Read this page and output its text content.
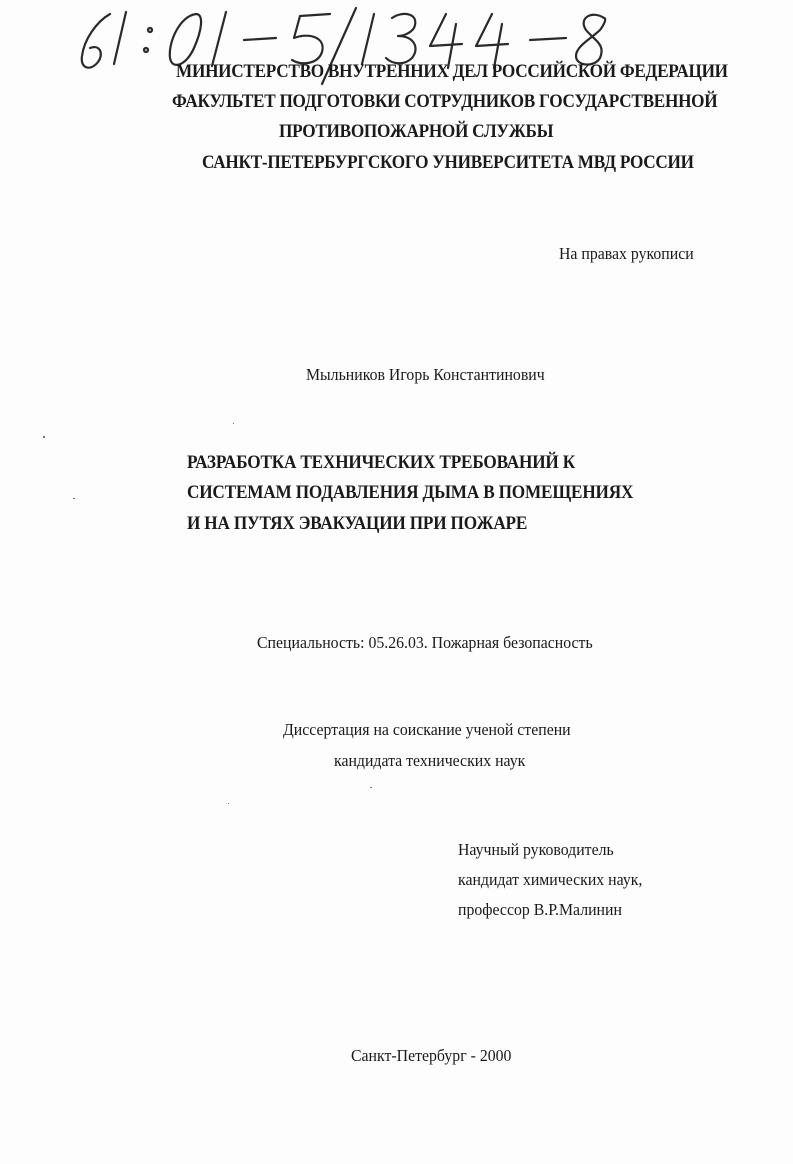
МИНИСТЕРСТВО ВНУТРЕННИХ ДЕЛ РОССИЙСКОЙ ФЕДЕРАЦИИ
ФАКУЛЬТЕТ ПОДГОТОВКИ СОТРУДНИКОВ ГОСУДАРСТВЕННОЙ
ПРОТИВОПОЖАРНОЙ СЛУЖБЫ
САНКТ-ПЕТЕРБУРГСКОГО УНИВЕРСИТЕТА МВД РОССИИ
На правах рукописи
Мыльников Игорь Константинович
РАЗРАБОТКА ТЕХНИЧЕСКИХ ТРЕБОВАНИЙ К
СИСТЕМАМ ПОДАВЛЕНИЯ ДЫМА В ПОМЕЩЕНИЯХ
И НА ПУТЯХ ЭВАКУАЦИИ ПРИ ПОЖАРЕ
Специальность: 05.26.03. Пожарная безопасность
Диссертация на соискание ученой степени
кандидата технических наук
Научный руководитель
кандидат химических наук,
профессор В.Р.Малинин
Санкт-Петербург - 2000
